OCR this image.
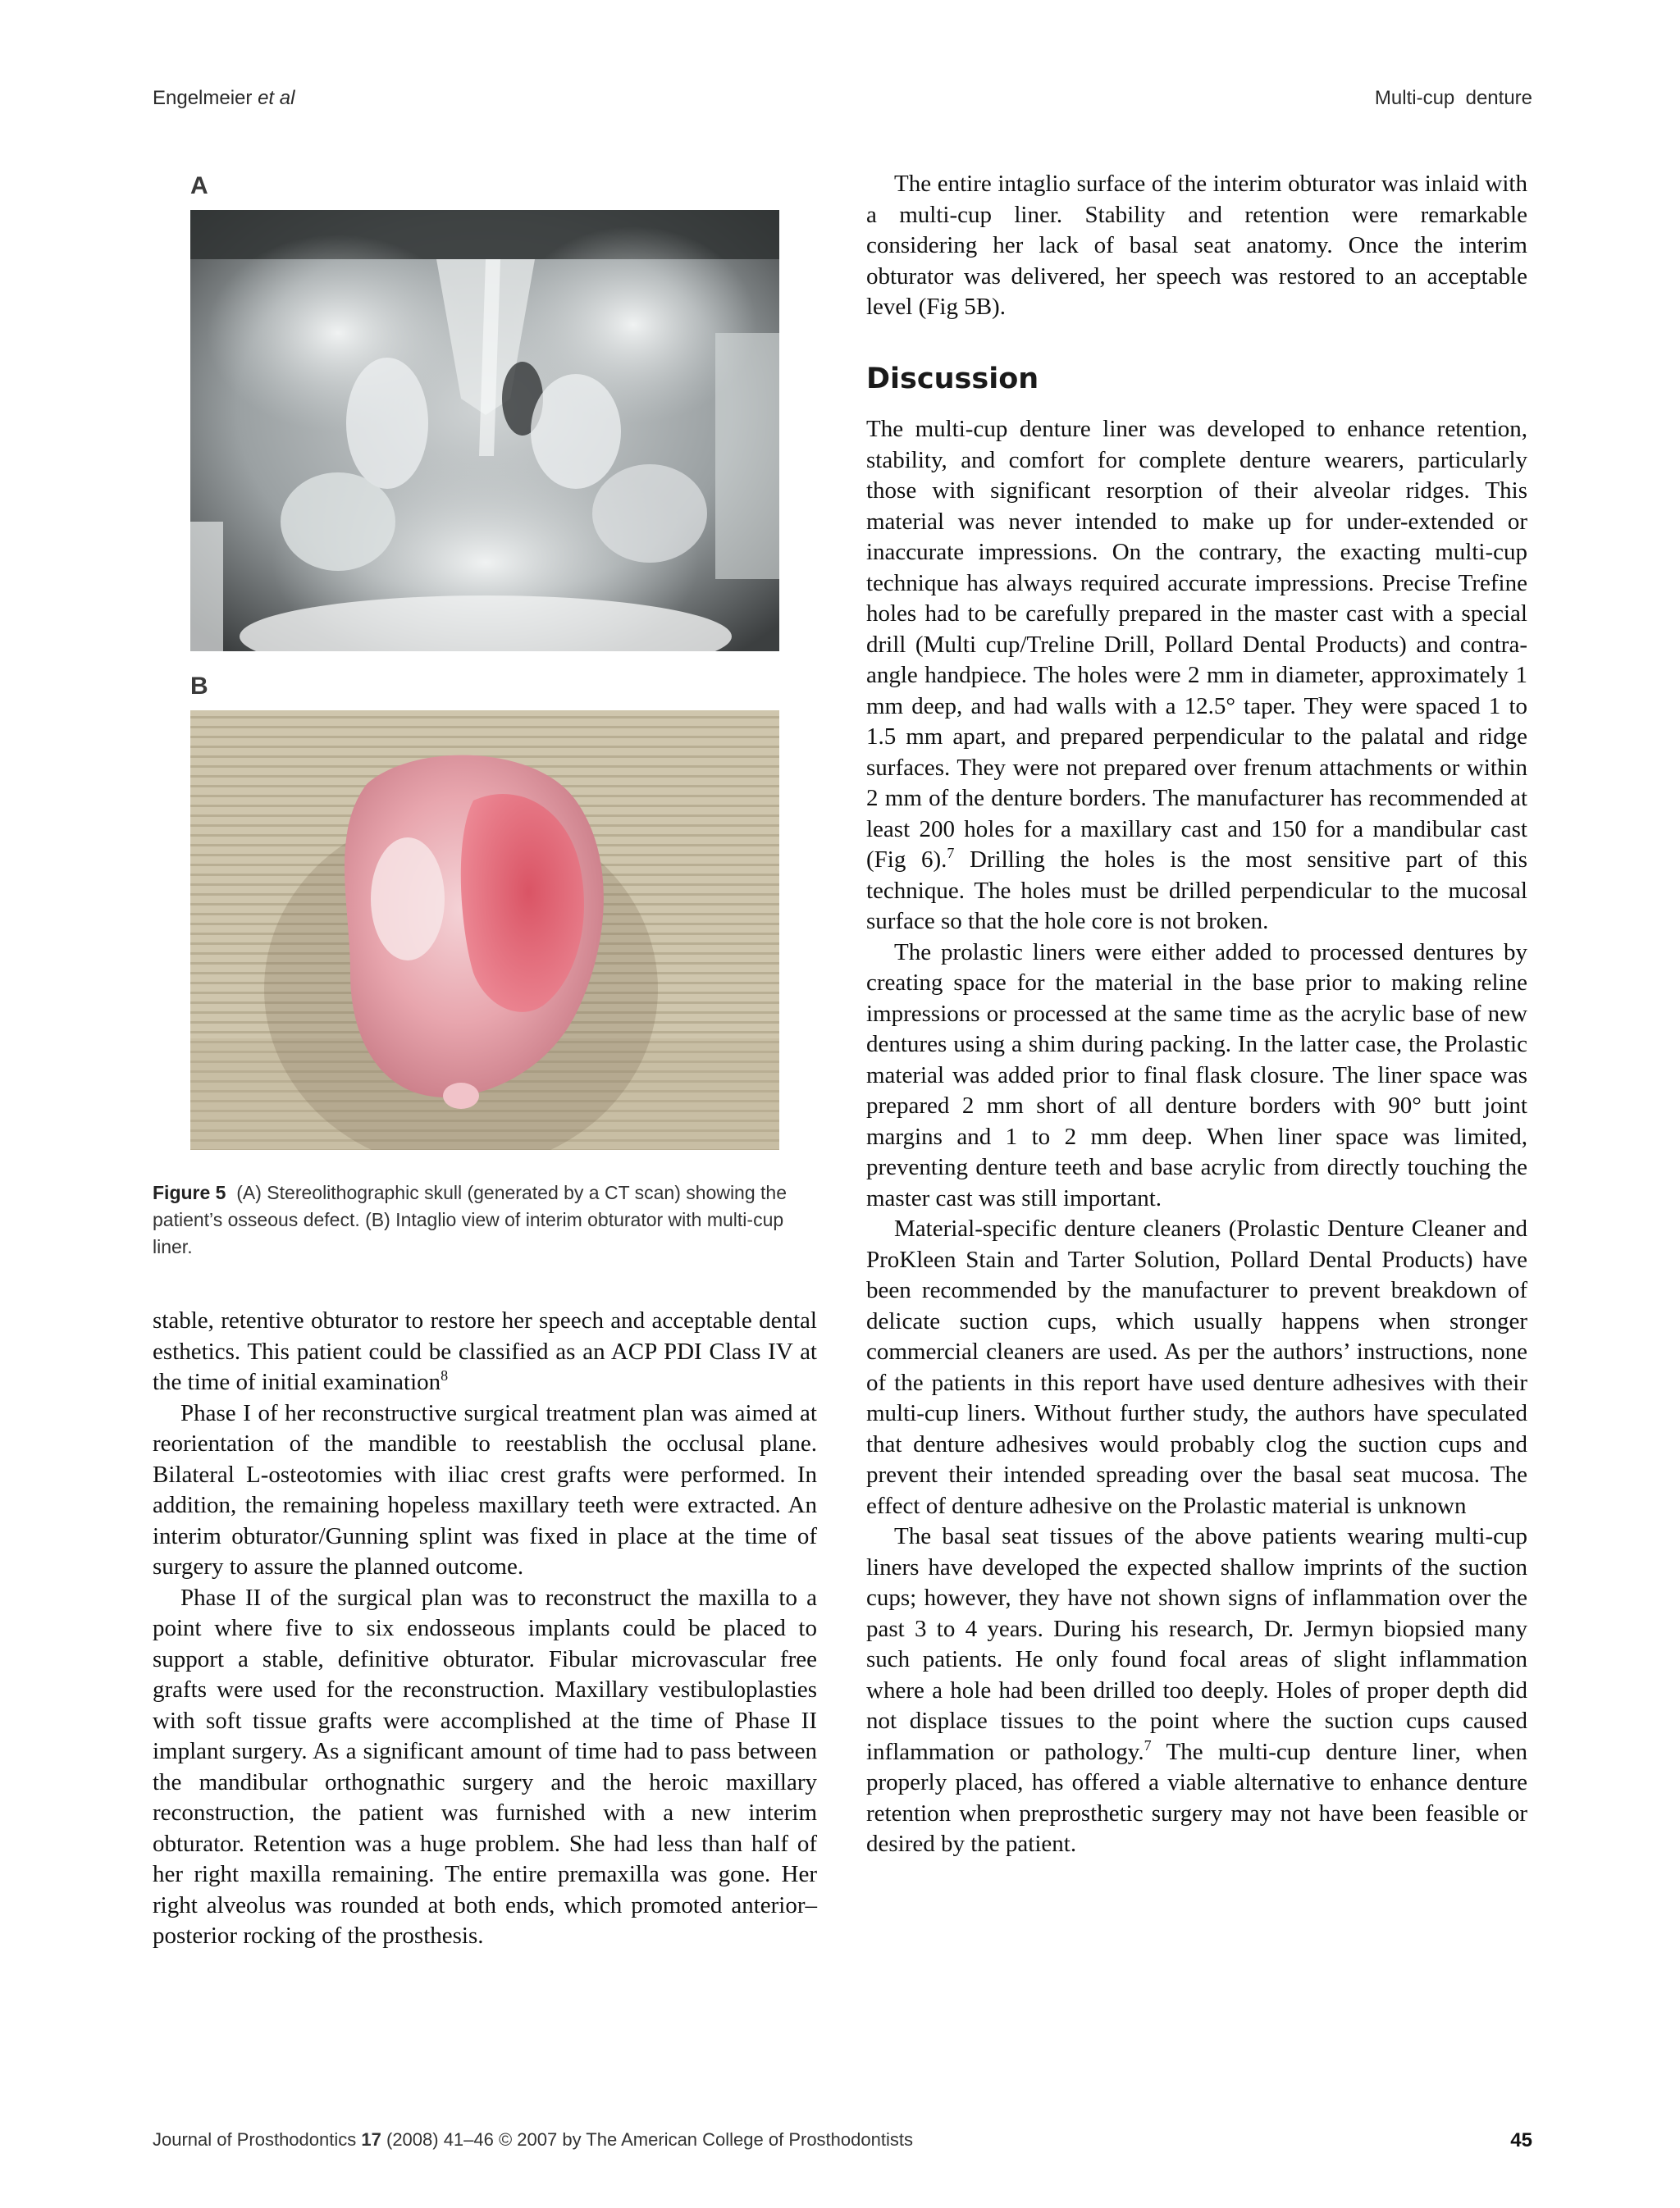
Engelmeier et al	Multi-cup  denture
A
B
Figure 5 (A) Stereolithographic skull (generated by a CT scan) showing the patient’s osseous defect. (B) Intaglio view of interim obturator with multi-cup liner.

stable, retentive obturator to restore her speech and acceptable dental esthetics. This patient could be classified as an ACP PDI Class IV at the time of initial examination$^8$

Phase I of her reconstructive surgical treatment plan was aimed at reorientation of the mandible to reestablish the occlusal plane. Bilateral L-osteotomies with iliac crest grafts were performed. In addition, the remaining hopeless maxillary teeth were extracted. An interim obturator/Gunning splint was fixed in place at the time of surgery to assure the planned outcome.

Phase II of the surgical plan was to reconstruct the maxilla to a point where five to six endosseous implants could be placed to support a stable, definitive obturator. Fibular microvascular free grafts were used for the reconstruction. Maxillary vestibuloplasties with soft tissue grafts were accomplished at the time of Phase II implant surgery. As a significant amount of time had to pass between the mandibular orthognathic surgery and the heroic maxillary reconstruction, the patient was furnished with a new interim obturator. Retention was a huge problem. She had less than half of her right maxilla remaining. The entire premaxilla was gone. Her right alveolus was rounded at both ends, which promoted anterior–posterior rocking of the prosthesis.

The entire intaglio surface of the interim obturator was inlaid with a multi-cup liner. Stability and retention were remarkable considering her lack of basal seat anatomy. Once the interim obturator was delivered, her speech was restored to an acceptable level (Fig 5B).

Discussion

The multi-cup denture liner was developed to enhance retention, stability, and comfort for complete denture wearers, particularly those with significant resorption of their alveolar ridges. This material was never intended to make up for under-extended or inaccurate impressions. On the contrary, the exacting multi-cup technique has always required accurate impressions. Precise Trefine holes had to be carefully prepared in the master cast with a special drill (Multi cup/Treline Drill, Pollard Dental Products) and contra-angle handpiece. The holes were 2 mm in diameter, approximately 1 mm deep, and had walls with a 12.5° taper. They were spaced 1 to 1.5 mm apart, and prepared perpendicular to the palatal and ridge surfaces. They were not prepared over frenum attachments or within 2 mm of the denture borders. The manufacturer has recommended at least 200 holes for a maxillary cast and 150 for a mandibular cast (Fig 6).$^7$ Drilling the holes is the most sensitive part of this technique. The holes must be drilled perpendicular to the mucosal surface so that the hole core is not broken.

The prolastic liners were either added to processed dentures by creating space for the material in the base prior to making reline impressions or processed at the same time as the acrylic base of new dentures using a shim during packing. In the latter case, the Prolastic material was added prior to final flask closure. The liner space was prepared 2 mm short of all denture borders with 90° butt joint margins and 1 to 2 mm deep. When liner space was limited, preventing denture teeth and base acrylic from directly touching the master cast was still important.

Material-specific denture cleaners (Prolastic Denture Cleaner and ProKleen Stain and Tarter Solution, Pollard Dental Products) have been recommended by the manufacturer to prevent breakdown of delicate suction cups, which usually happens when stronger commercial cleaners are used. As per the authors’ instructions, none of the patients in this report have used denture adhesives with their multi-cup liners. Without further study, the authors have speculated that denture adhesives would probably clog the suction cups and prevent their intended spreading over the basal seat mucosa. The effect of denture adhesive on the Prolastic material is unknown

The basal seat tissues of the above patients wearing multi-cup liners have developed the expected shallow imprints of the suction cups; however, they have not shown signs of inflammation over the past 3 to 4 years. During his research, Dr. Jermyn biopsied many such patients. He only found focal areas of slight inflammation where a hole had been drilled too deeply. Holes of proper depth did not displace tissues to the point where the suction cups caused inflammation or pathology.$^7$ The multi-cup denture liner, when properly placed, has offered a viable alternative to enhance denture retention when preprosthetic surgery may not have been feasible or desired by the patient.

Journal of Prosthodontics 17 (2008) 41–46 © 2007 by The American College of Prosthodontists	45
